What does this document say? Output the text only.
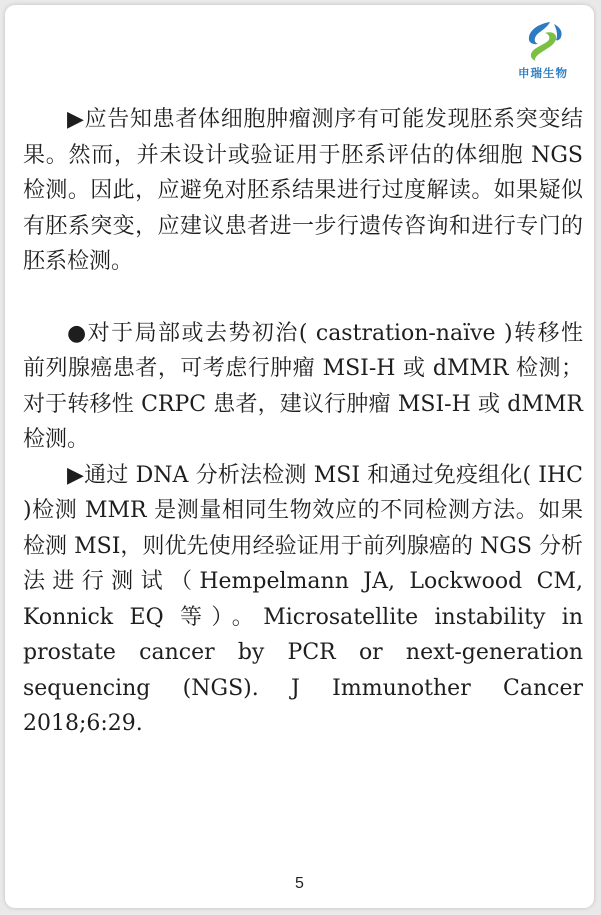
申瑞生物

▶应告知患者体细胞肿瘤测序有可能发现胚系突变结果。然而，并未设计或验证用于胚系评估的体细胞 NGS 检测。因此，应避免对胚系结果进行过度解读。如果疑似有胚系突变，应建议患者进一步行遗传咨询和进行专门的胚系检测。

●对于局部或去势初治( castration-naïve )转移性前列腺癌患者，可考虑行肿瘤 MSI-H 或 dMMR 检测；对于转移性 CRPC 患者，建议行肿瘤 MSI-H 或 dMMR 检测。

▶通过 DNA 分析法检测 MSI 和通过免疫组化( IHC )检测 MMR 是测量相同生物效应的不同检测方法。如果检测 MSI，则优先使用经验证用于前列腺癌的 NGS 分析法进行测试（Hempelmann JA, Lockwood CM, Konnick EQ 等）。Microsatellite instability in prostate cancer by PCR or next-generation sequencing (NGS). J Immunother Cancer 2018;6:29.

5
